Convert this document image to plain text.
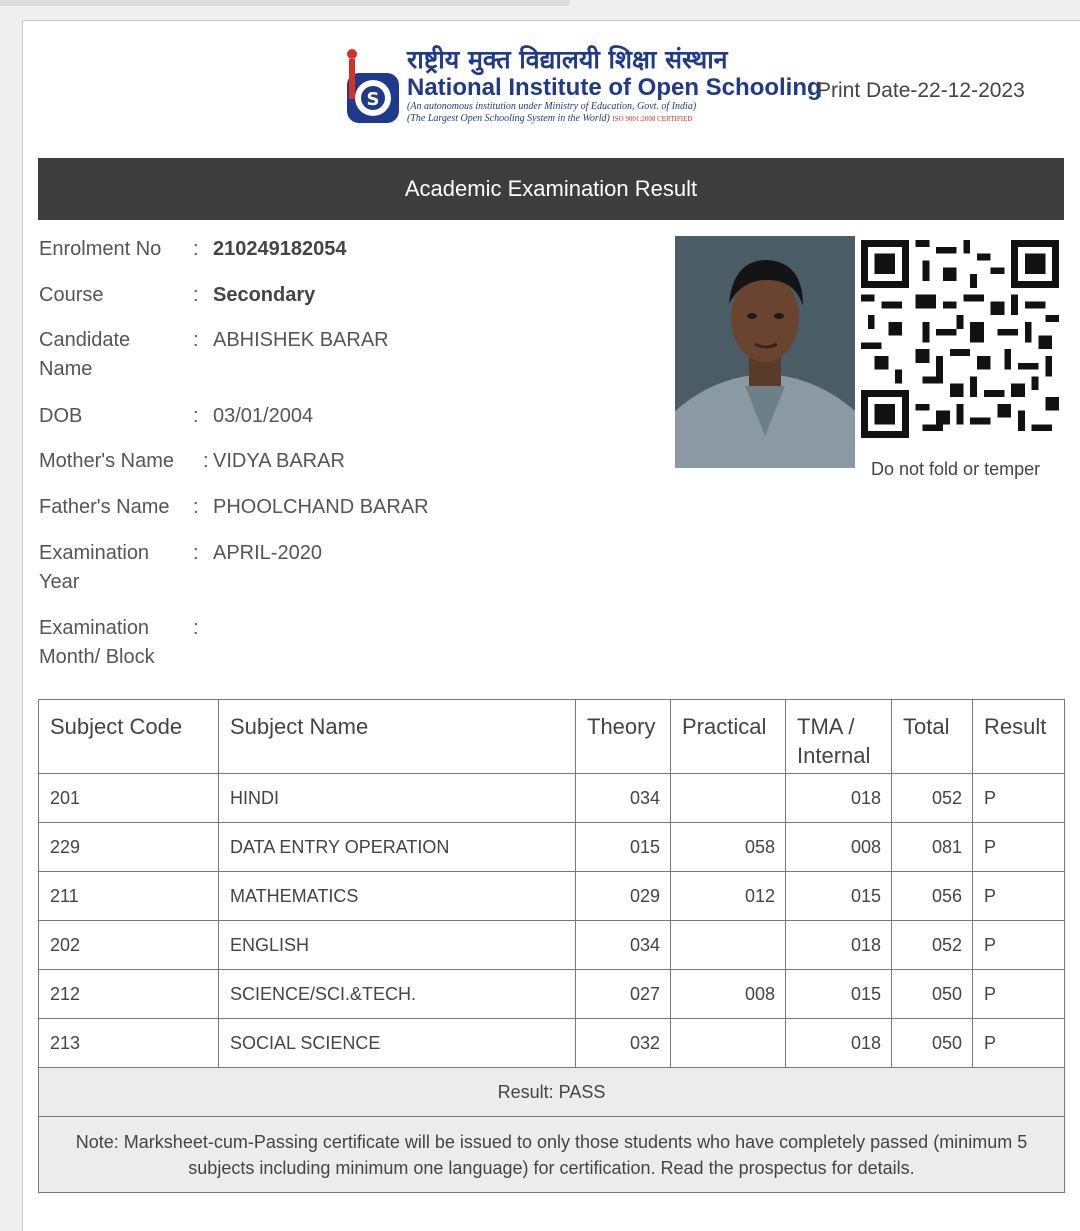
S
राष्ट्रीय मुक्त विद्यालयी शिक्षा संस्थान
National Institute of Open Schooling
(An autonomous institution under Ministry of Education, Govt. of India)
(The Largest Open Schooling System in the World) ISO 9001:2008 CERTIFIED
Print Date-22-12-2023
Academic Examination Result
Enrolment No	: 210249182054
Course	: Secondary
Candidate Name
: ABHISHEK BARAR
DOB	: 03/01/2004
Mother's Name	: VIDYA BARAR
Father's Name	: PHOOLCHAND BARAR
Examination Year
: APRIL-2020
Examination Month/ Block
:
Do not fold or temper
Subject Code	Subject Name	Theory	Practical	TMA / Internal	Total	Result
201	HINDI	034		018	052	P
229	DATA ENTRY OPERATION	015	058	008	081	P
211	MATHEMATICS	029	012	015	056	P
202	ENGLISH	034		018	052	P
212	SCIENCE/SCI.&TECH.	027	008	015	050	P
213	SOCIAL SCIENCE	032		018	050	P
Result: PASS						
Note: Marksheet-cum-Passing certificate will be issued to only those students who have completely passed (minimum 5 subjects including minimum one language) for certification. Read the prospectus for details.						
